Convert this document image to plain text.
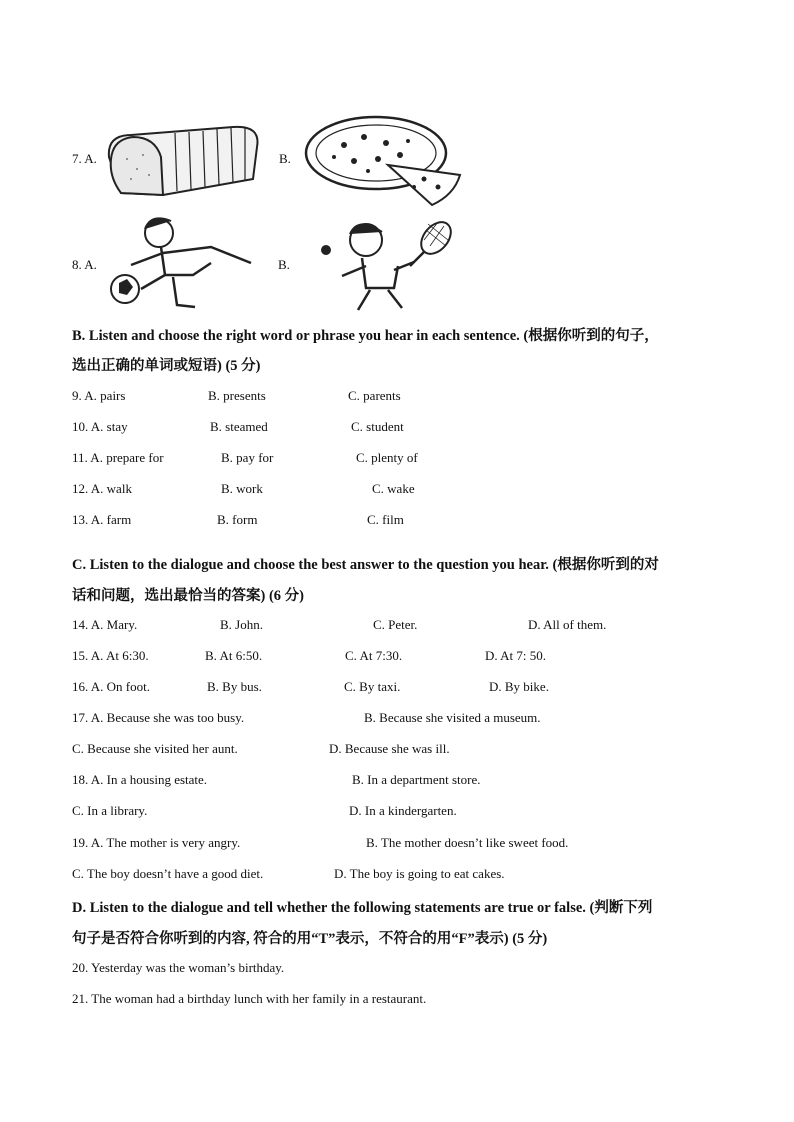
7. A.	B.
8. A.	B.
B. Listen and choose the right word or phrase you hear in each sentence. (根据你听到的句子，
选出正确的单词或短语) (5 分)
9. A. pairs	B. presents	C. parents
10. A. stay	B. steamed	C. student
11. A. prepare for	B. pay for	C. plenty of
12. A. walk	B. work	C. wake
13. A. farm	B. form	C. film
C. Listen to the dialogue and choose the best answer to the question you hear. (根据你听到的对
话和问题，选出最恰当的答案) (6 分)
14. A. Mary.	B. John.	C. Peter.	D. All of them.
15. A. At 6:30.	B. At 6:50.	C. At 7:30.	D. At 7: 50.
16. A. On foot.	B. By bus.	C. By taxi.	D. By bike.
17. A. Because she was too busy.	B. Because she visited a museum.
C. Because she visited her aunt.	D. Because she was ill.
18. A. In a housing estate.	B. In a department store.
C. In a library.	D. In a kindergarten.
19. A. The mother is very angry.	B. The mother doesn’t like sweet food.
C. The boy doesn’t have a good diet.	D. The boy is going to eat cakes.
D. Listen to the dialogue and tell whether the following statements are true or false. (判断下列
句子是否符合你听到的内容, 符合的用“T”表示，不符合的用“F”表示) (5 分)
20. Yesterday was the woman’s birthday.
21. The woman had a birthday lunch with her family in a restaurant.
